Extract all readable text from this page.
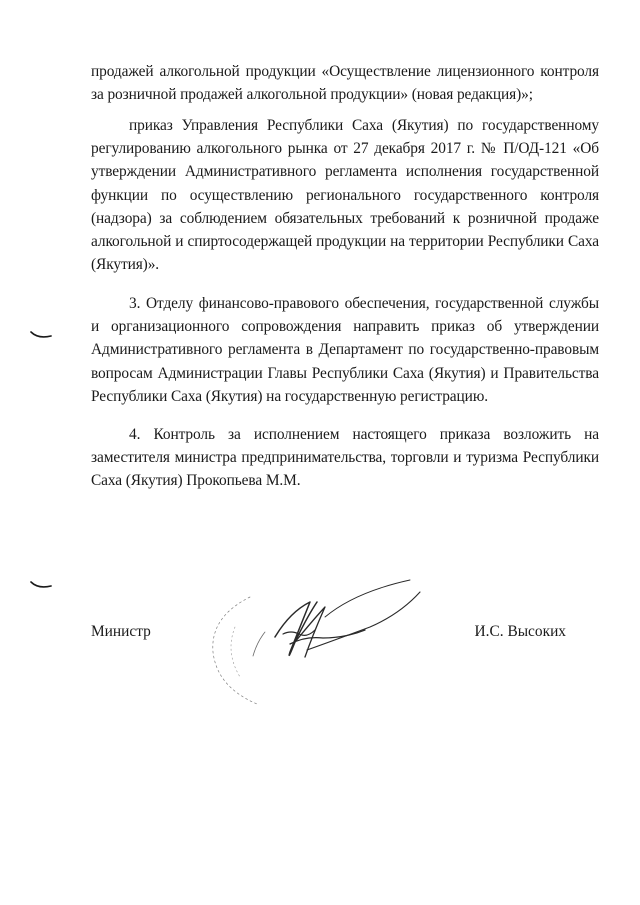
продажей алкогольной продукции «Осуществление лицензионного контроля за розничной продажей алкогольной продукции» (новая редакция)»;

приказ Управления Республики Саха (Якутия) по государственному регулированию алкогольного рынка от 27 декабря 2017 г. № П/ОД-121 «Об утверждении Административного регламента исполнения государственной функции по осуществлению регионального государственного контроля (надзора) за соблюдением обязательных требований к розничной продаже алкогольной и спиртосодержащей продукции на территории Республики Саха (Якутия)».

3. Отделу финансово-правового обеспечения, государственной службы и организационного сопровождения направить приказ об утверждении Административного регламента в Департамент по государственно-правовым вопросам Администрации Главы Республики Саха (Якутия) и Правительства Республики Саха (Якутия) на государственную регистрацию.

4. Контроль за исполнением настоящего приказа возложить на заместителя министра предпринимательства, торговли и туризма Республики Саха (Якутия) Прокопьева М.М.

Министр	И.С. Высоких
